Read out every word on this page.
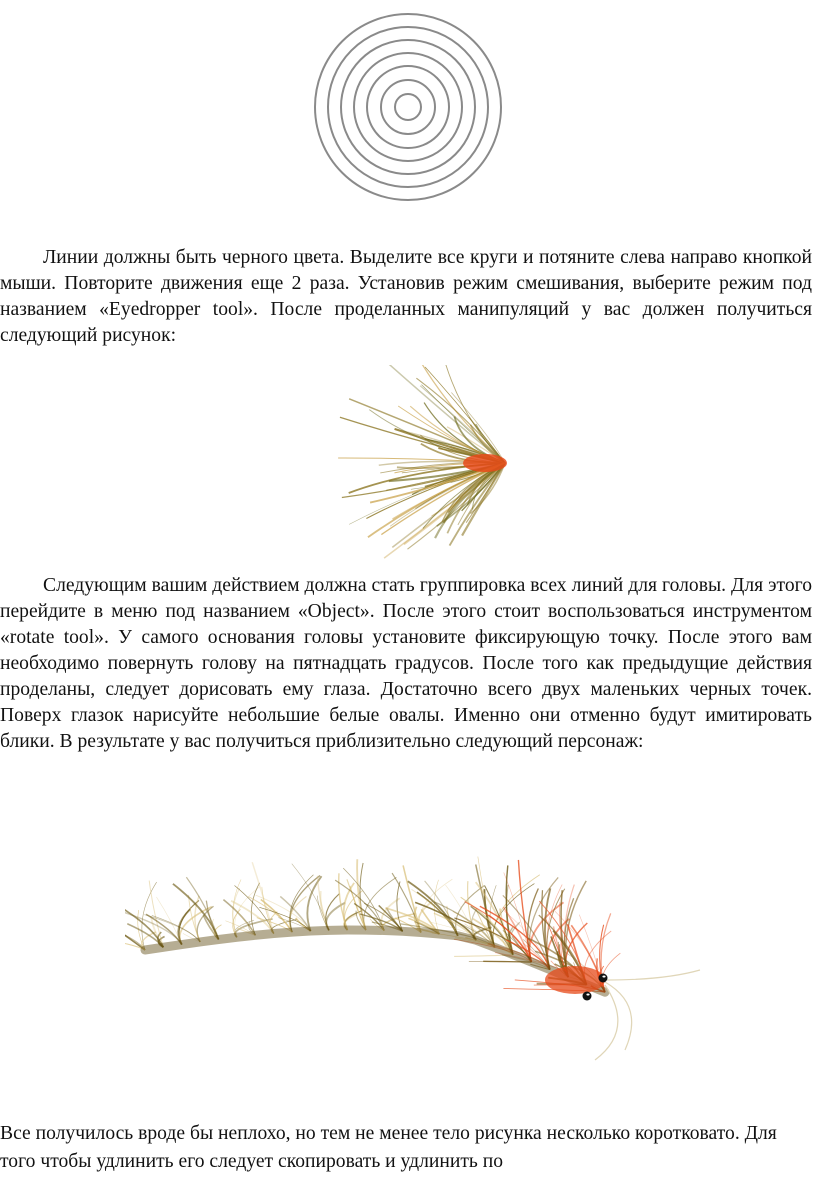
Линии должны быть черного цвета. Выделите все круги и потяните слева направо кнопкой мыши. Повторите движения еще 2 раза. Установив режим смешивания, выберите режим под названием «Eyedropper tool». После проделанных манипуляций у вас должен получиться следующий рисунок:

Следующим вашим действием должна стать группировка всех линий для головы. Для этого перейдите в меню под названием «Object». После этого стоит воспользоваться инструментом «rotate tool». У самого основания головы установите фиксирующую точку. После этого вам необходимо повернуть голову на пятнадцать градусов. После того как предыдущие действия проделаны, следует дорисовать ему глаза. Достаточно всего двух маленьких черных точек. Поверх глазок нарисуйте небольшие белые овалы. Именно они отменно будут имитировать блики. В результате у вас получиться приблизительно следующий персонаж:

Все получилось вроде бы неплохо, но тем не менее тело рисунка несколько коротковато. Для того чтобы удлинить его следует скопировать и удлинить по
